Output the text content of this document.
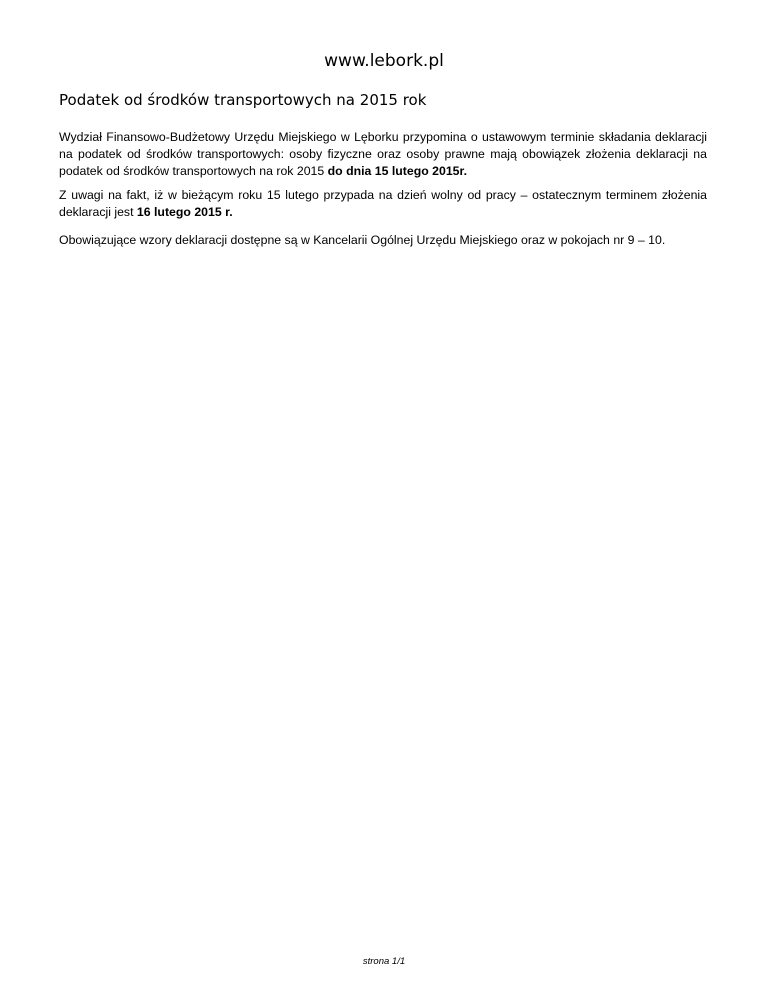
www.lebork.pl
Podatek od środków transportowych na 2015 rok

Wydział Finansowo-Budżetowy Urzędu Miejskiego w Lęborku przypomina o ustawowym terminie składania deklaracji na podatek od środków transportowych: osoby fizyczne oraz osoby prawne mają obowiązek złożenia deklaracji na podatek od środków transportowych na rok 2015 do dnia 15 lutego 2015r.

Z uwagi na fakt, iż w bieżącym roku 15 lutego przypada na dzień wolny od pracy – ostatecznym terminem złożenia deklaracji jest 16 lutego 2015 r.

Obowiązujące wzory deklaracji dostępne są w Kancelarii Ogólnej Urzędu Miejskiego oraz w pokojach nr 9 – 10.

strona 1/1
